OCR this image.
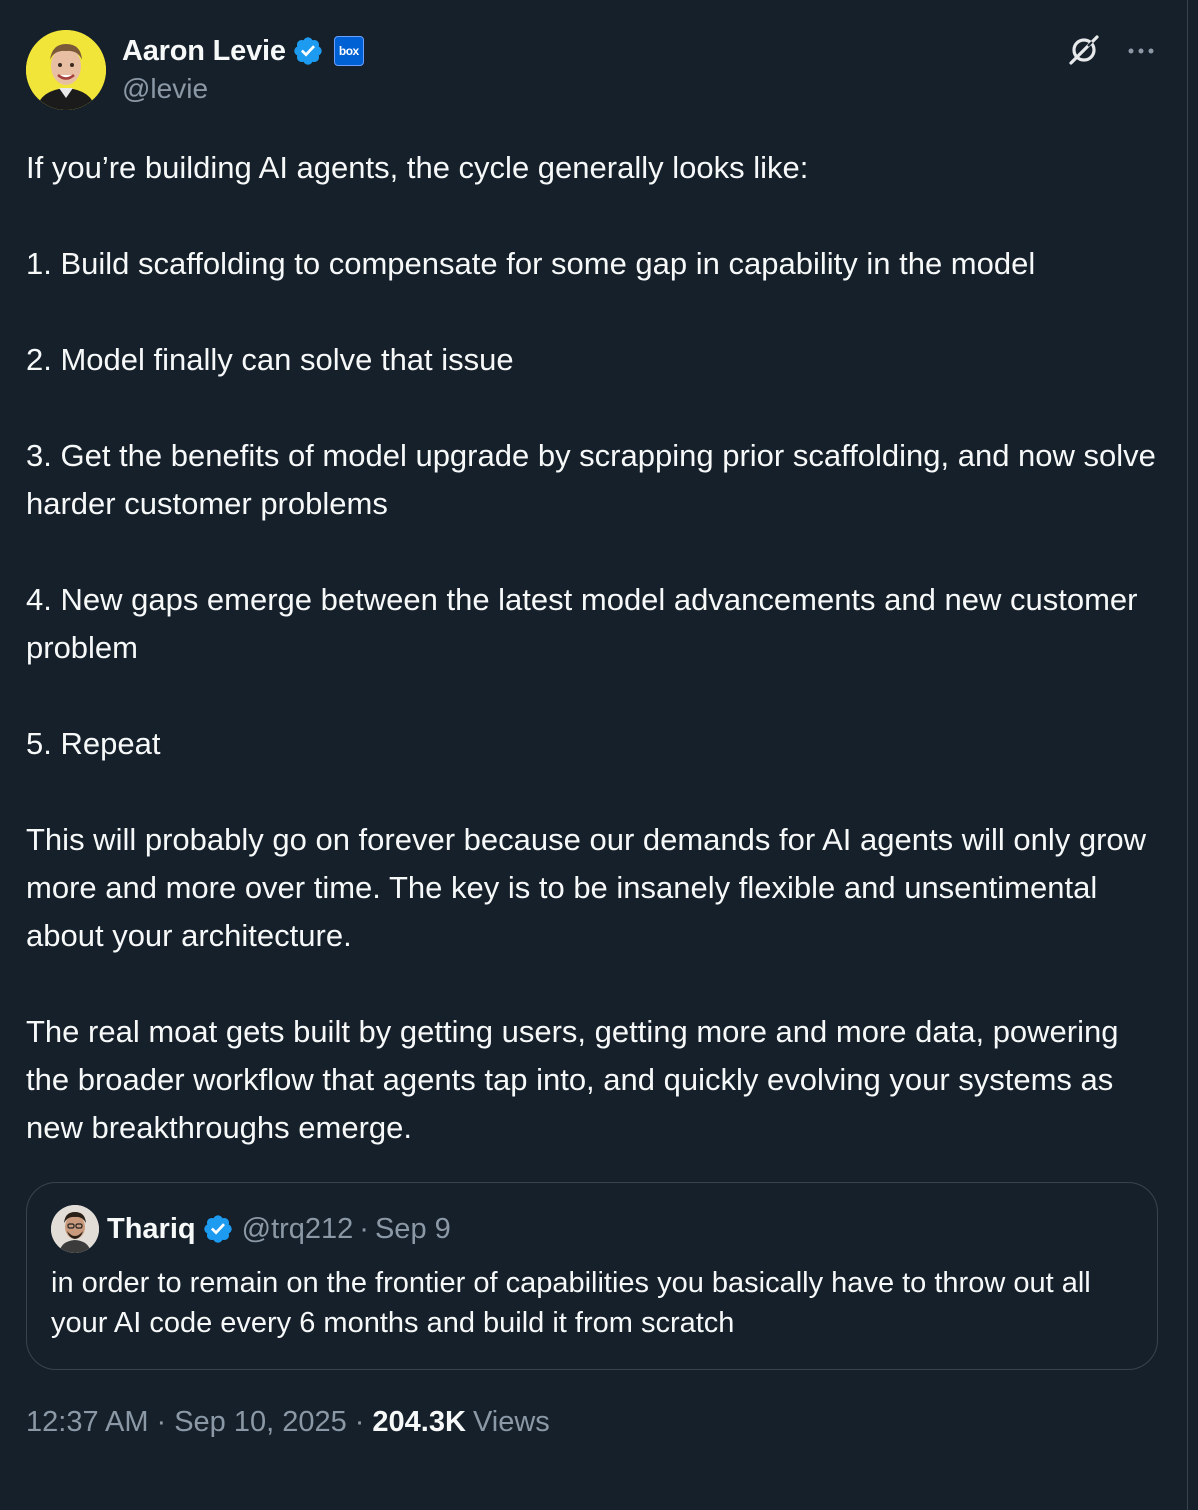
Aaron Levie	box
@levie

If you’re building AI agents, the cycle generally looks like:

1. Build scaffolding to compensate for some gap in capability in the model

2. Model finally can solve that issue

3. Get the benefits of model upgrade by scrapping prior scaffolding, and now solve harder customer problems

4. New gaps emerge between the latest model advancements and new customer problem

5. Repeat

This will probably go on forever because our demands for AI agents will only grow more and more over time. The key is to be insanely flexible and unsentimental about your architecture.

The real moat gets built by getting users, getting more and more data, powering the broader workflow that agents tap into, and quickly evolving your systems as new breakthroughs emerge.

Thariq @trq212 · Sep 9
in order to remain on the frontier of capabilities you basically have to throw out all your AI code every 6 months and build it from scratch
12:37 AM · Sep 10, 2025 · 204.3K Views
